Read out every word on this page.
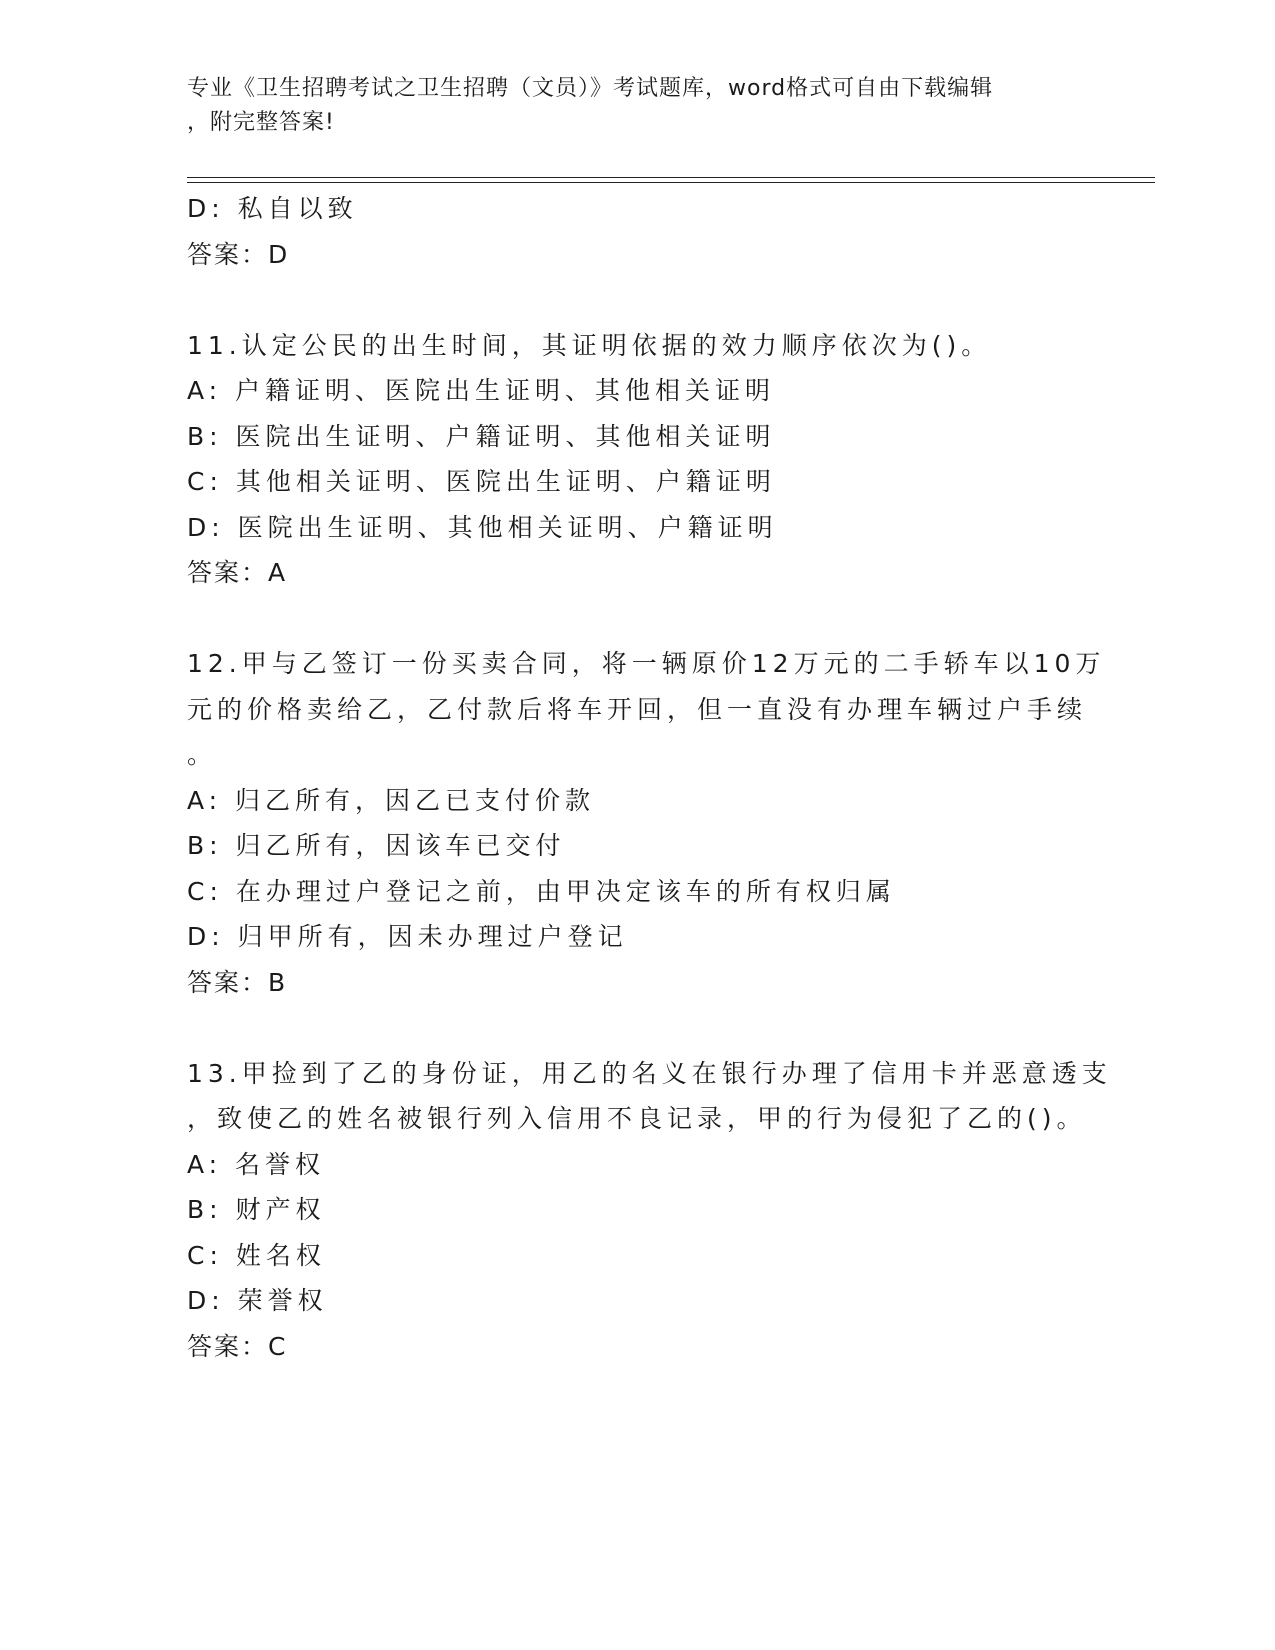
专业《卫生招聘考试之卫生招聘（文员）》考试题库，word格式可自由下载编辑
，附完整答案!
D: 私自以致
答案：D
11.认定公民的出生时间，其证明依据的效力顺序依次为()。
A: 户籍证明、医院出生证明、其他相关证明
B: 医院出生证明、户籍证明、其他相关证明
C: 其他相关证明、医院出生证明、户籍证明
D: 医院出生证明、其他相关证明、户籍证明
答案：A
12.甲与乙签订一份买卖合同，将一辆原价12万元的二手轿车以10万
元的价格卖给乙，乙付款后将车开回，但一直没有办理车辆过户手续
。
A: 归乙所有，因乙已支付价款
B: 归乙所有，因该车已交付
C: 在办理过户登记之前，由甲决定该车的所有权归属
D: 归甲所有，因未办理过户登记
答案：B
13.甲捡到了乙的身份证，用乙的名义在银行办理了信用卡并恶意透支
，致使乙的姓名被银行列入信用不良记录，甲的行为侵犯了乙的()。
A: 名誉权
B: 财产权
C: 姓名权
D: 荣誉权
答案：C
